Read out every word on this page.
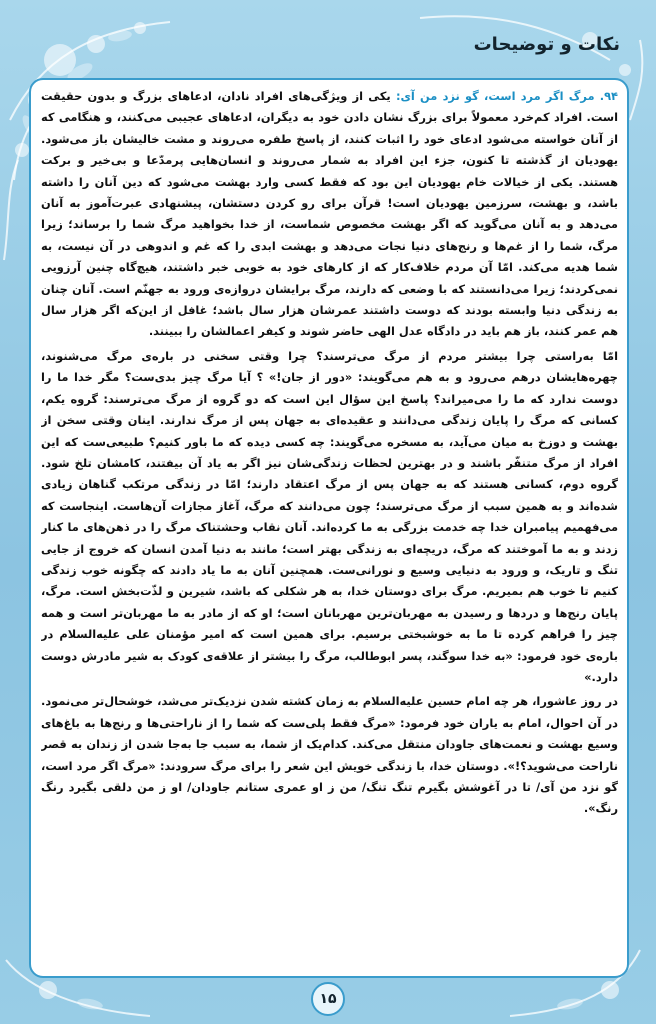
نکات و توضیحات

۹۴. مرگ اگر مرد است، گو نزد من آی: یکی از ویژگی‌های افراد نادان، ادعاهای بزرگ و بدون حقیقت است. افراد کم‌خرد معمولاً برای بزرگ نشان دادن خود به دیگران، ادعاهای عجیبی می‌کنند، و هنگامی که از آنان خواسته می‌شود ادعای خود را اثبات کنند، از پاسخ طفره می‌روند و مشت خالیشان باز می‌شود. یهودیان از گذشته تا کنون، جزء این افراد به شمار می‌روند و انسان‌هایی پرمدّعا و بی‌خیر و برکت هستند. یکی از خیالات خام یهودیان این بود که فقط کسی وارد بهشت می‌شود که دین آنان را داشته باشد، و بهشت، سرزمین یهودیان است! قرآن برای رو کردن دستشان، پیشنهادی عبرت‌آموز به آنان می‌دهد و به آنان می‌گوید که اگر بهشت مخصوص شماست، از خدا بخواهید مرگ شما را برساند؛ زیرا مرگ، شما را از غم‌ها و رنج‌های دنیا نجات می‌دهد و بهشت ابدی را که غم و اندوهی در آن نیست، به شما هدیه می‌کند. امّا آن مردم خلاف‌کار که از کارهای خود به خوبی خبر داشتند، هیچ‌گاه چنین آرزویی نمی‌کردند؛ زیرا می‌دانستند که با وضعی که دارند، مرگ برایشان دروازه‌ی ورود به جهنّم است. آنان چنان به زندگی دنیا وابسته بودند که دوست داشتند عمرشان هزار سال باشد؛ غافل از این‌که اگر هزار سال هم عمر کنند، باز هم باید در دادگاه عدل الهی حاضر شوند و کیفر اعمالشان را ببینند.

امّا به‌راستی چرا بیشتر مردم از مرگ می‌ترسند؟ چرا وقتی سخنی در باره‌ی مرگ می‌شنوند، چهره‌هایشان درهم می‌رود و به هم می‌گویند: «دور از جان!» ؟ آیا مرگ چیز بدی‌ست؟ مگر خدا ما را دوست ندارد که ما را می‌میراند؟ پاسخ این سؤال این است که دو گروه از مرگ می‌ترسند: گروه یکم، کسانی که مرگ را پایان زندگی می‌دانند و عقیده‌ای به جهان پس از مرگ ندارند. اینان وقتی سخن از بهشت و دوزخ به میان می‌آید، به مسخره می‌گویند: چه کسی دیده که ما باور کنیم؟ طبیعی‌ست که این افراد از مرگ متنفّر باشند و در بهترین لحظات زندگی‌شان نیز اگر به یاد آن بیفتند، کامشان تلخ شود. گروه دوم، کسانی هستند که به جهان پس از مرگ اعتقاد دارند؛ امّا در زندگی مرتکب گناهان زیادی شده‌اند و به همین سبب از مرگ می‌ترسند؛ چون می‌دانند که مرگ، آغاز مجازات آن‌هاست. اینجاست که می‌فهمیم پیامبران خدا چه خدمت بزرگی به ما کرده‌اند. آنان نقاب وحشتناک مرگ را در ذهن‌های ما کنار زدند و به ما آموختند که مرگ، دریچه‌ای به زندگی بهتر است؛ مانند به دنیا آمدن انسان که خروج از جایی تنگ و تاریک، و ورود به دنیایی وسیع و نورانی‌ست. همچنین آنان به ما یاد دادند که چگونه خوب زندگی کنیم تا خوب هم بمیریم. مرگ برای دوستان خدا، به هر شکلی که باشد، شیرین و لذّت‌بخش است. مرگ، پایان رنج‌ها و دردها و رسیدن به مهربان‌ترین مهربانان است؛ او که از مادر به ما مهربان‌تر است و همه چیز را فراهم کرده تا ما به خوشبختی برسیم. برای همین است که امیر مؤمنان علی علیه‌السلام در باره‌ی خود فرمود: «به خدا سوگند، پسر ابوطالب، مرگ را بیشتر از علاقه‌ی کودک به شیر مادرش دوست دارد.»

در روز عاشورا، هر چه امام حسین علیه‌السلام به زمان کشته شدن نزدیک‌تر می‌شد، خوشحال‌تر می‌نمود. در آن احوال، امام به یاران خود فرمود: «مرگ فقط پلی‌ست که شما را از ناراحتی‌ها و رنج‌ها به باغ‌های وسیع بهشت و نعمت‌های جاودان منتقل می‌کند. کدام‌یک از شما، به سبب جا به‌جا شدن از زندان به قصر ناراحت می‌شوید؟!». دوستان خدا، با زندگی خویش این شعر را برای مرگ سرودند: «مرگ اگر مرد است، گو نزد من آی/ تا در آغوشش بگیرم تنگ تنگ/ من ز او عمری ستانم جاودان/ او ز من دلقی بگیرد رنگ رنگ».

۱۵
